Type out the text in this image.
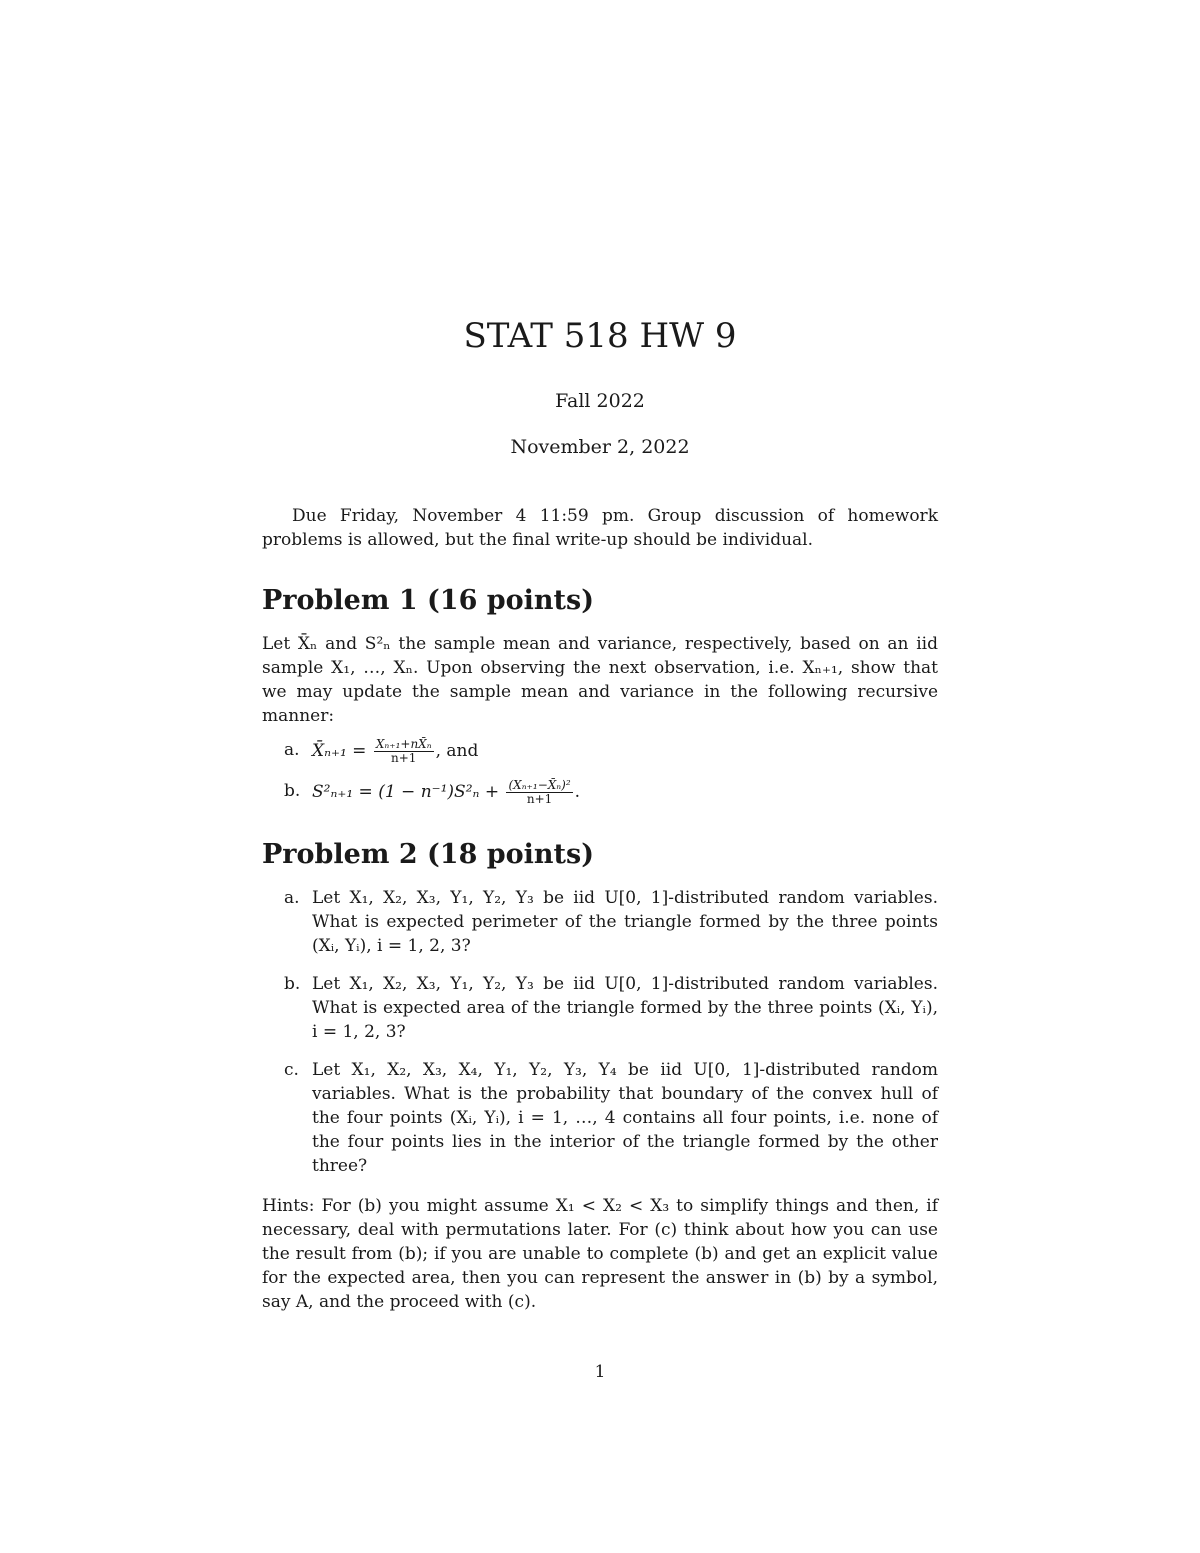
STAT 518 HW 9
Fall 2022
November 2, 2022

Due Friday, November 4 11:59 pm. Group discussion of homework problems is allowed, but the final write-up should be individual.

Problem 1 (16 points)

Let X̄ₙ and S²ₙ the sample mean and variance, respectively, based on an iid sample X₁, …, Xₙ. Upon observing the next observation, i.e. Xₙ₊₁, show that we may update the sample mean and variance in the following recursive manner:

a. X̄ₙ₊₁ = $\frac{\text{Xₙ₊₁+nX̄ₙ}}{n+1}$ , and
b. $S^2_{n+1} = (1 - n^{-1})S^2_n + \frac{\text{(Xₙ₊₁−X̄ₙ)²}}{n+1}$ .
Problem 2 (18 points)
a. Let X₁, X₂, X₃, Y₁, Y₂, Y₃ be iid U[0, 1]-distributed random variables. What is expected perimeter of the triangle formed by the three points (Xᵢ, Yᵢ), i = 1, 2, 3?
b. Let X₁, X₂, X₃, Y₁, Y₂, Y₃ be iid U[0, 1]-distributed random variables. What is expected area of the triangle formed by the three points (Xᵢ, Yᵢ), i = 1, 2, 3?
c. Let X₁, X₂, X₃, X₄, Y₁, Y₂, Y₃, Y₄ be iid U[0, 1]-distributed random variables. What is the probability that boundary of the convex hull of the four points (Xᵢ, Yᵢ), i = 1, …, 4 contains all four points, i.e. none of the four points lies in the interior of the triangle formed by the other three?

Hints: For (b) you might assume X₁ < X₂ < X₃ to simplify things and then, if necessary, deal with permutations later. For (c) think about how you can use the result from (b); if you are unable to complete (b) and get an explicit value for the expected area, then you can represent the answer in (b) by a symbol, say A, and the proceed with (c).

1
